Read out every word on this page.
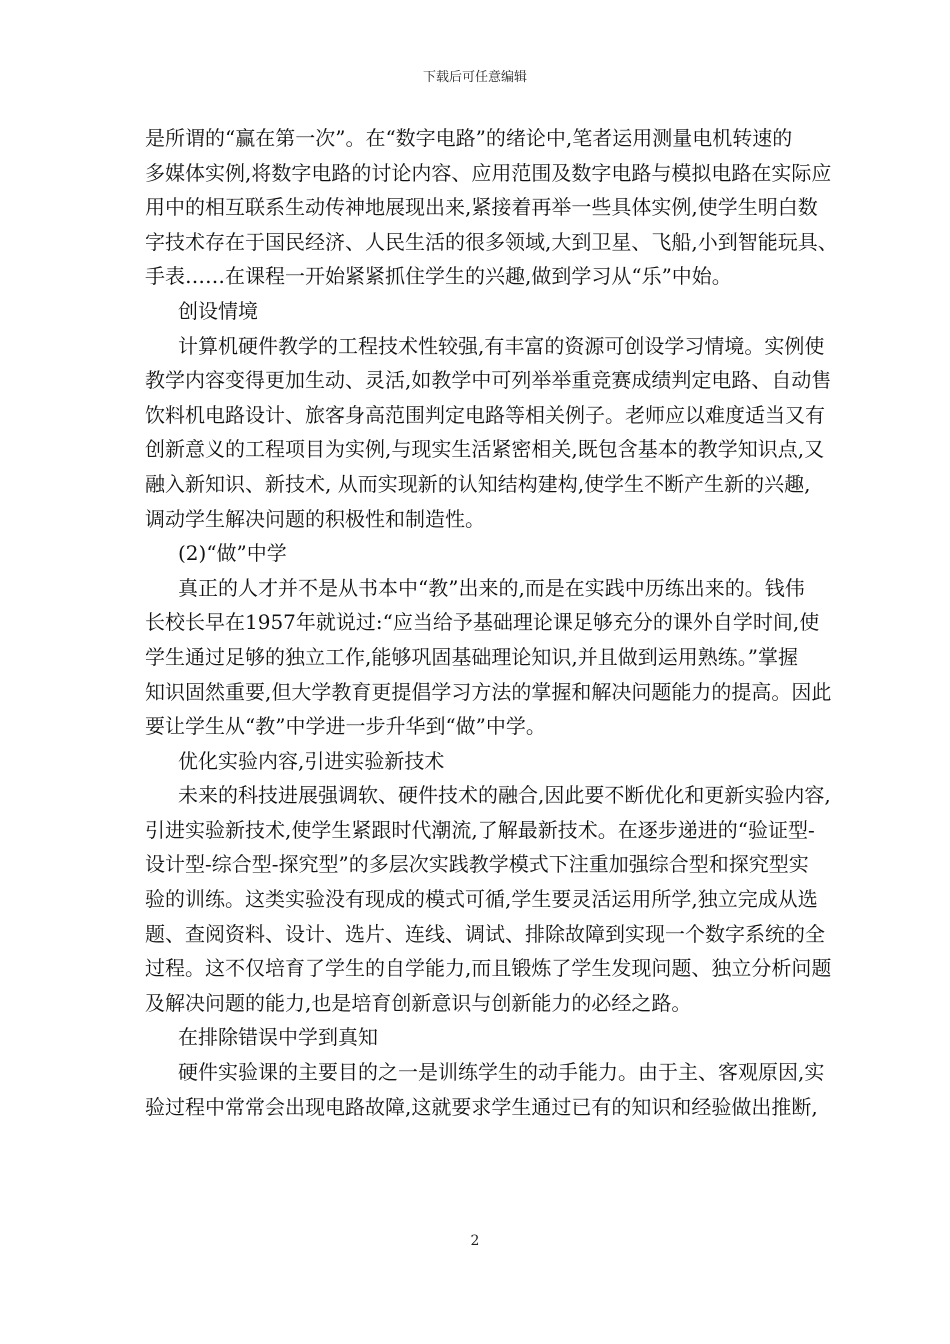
下载后可任意编辑
是所谓的“赢在第一次”。在“数字电路”的绪论中,笔者运用测量电机转速的
多媒体实例,将数字电路的讨论内容、应用范围及数字电路与模拟电路在实际应
用中的相互联系生动传神地展现出来,紧接着再举一些具体实例,使学生明白数
字技术存在于国民经济、人民生活的很多领域,大到卫星、飞船,小到智能玩具、
手表……在课程一开始紧紧抓住学生的兴趣,做到学习从“乐”中始。
创设情境
计算机硬件教学的工程技术性较强,有丰富的资源可创设学习情境。实例使
教学内容变得更加生动、灵活,如教学中可列举举重竞赛成绩判定电路、自动售
饮料机电路设计、旅客身高范围判定电路等相关例子。老师应以难度适当又有
创新意义的工程项目为实例,与现实生活紧密相关,既包含基本的教学知识点,又
融入新知识、新技术, 从而实现新的认知结构建构,使学生不断产生新的兴趣,
调动学生解决问题的积极性和制造性。
(2)“做”中学
真正的人才并不是从书本中“教”出来的,而是在实践中历练出来的。钱伟
长校长早在1957年就说过:“应当给予基础理论课足够充分的课外自学时间,使
学生通过足够的独立工作,能够巩固基础理论知识,并且做到运用熟练。”掌握
知识固然重要,但大学教育更提倡学习方法的掌握和解决问题能力的提高。因此
要让学生从“教”中学进一步升华到“做”中学。
优化实验内容,引进实验新技术
未来的科技进展强调软、硬件技术的融合,因此要不断优化和更新实验内容,
引进实验新技术,使学生紧跟时代潮流,了解最新技术。在逐步递进的“验证型-
设计型-综合型-探究型”的多层次实践教学模式下注重加强综合型和探究型实
验的训练。这类实验没有现成的模式可循,学生要灵活运用所学,独立完成从选
题、查阅资料、设计、选片、连线、调试、排除故障到实现一个数字系统的全
过程。这不仅培育了学生的自学能力,而且锻炼了学生发现问题、独立分析问题
及解决问题的能力,也是培育创新意识与创新能力的必经之路。
在排除错误中学到真知
硬件实验课的主要目的之一是训练学生的动手能力。由于主、客观原因,实
验过程中常常会出现电路故障,这就要求学生通过已有的知识和经验做出推断,
2
